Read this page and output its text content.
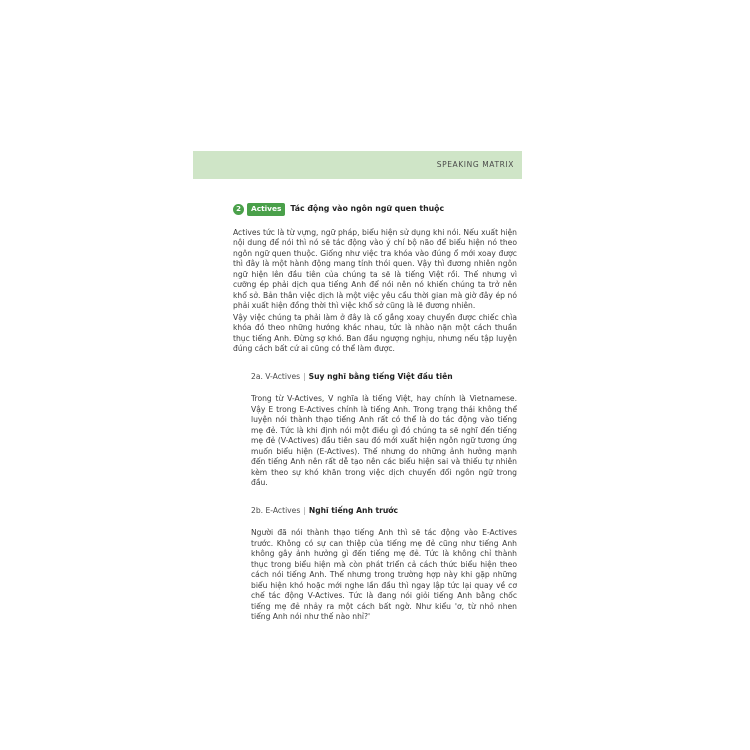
SPEAKING MATRIX
2	Actives	Tác động vào ngôn ngữ quen thuộc

Actives tức là từ vựng, ngữ pháp, biểu hiện sử dụng khi nói. Nếu xuất hiện nội dung để nói thì nó sẽ tác động vào ý chí bộ não để biểu hiện nó theo ngôn ngữ quen thuộc. Giống như việc tra khóa vào đúng ổ mới xoay được thì đây là một hành động mang tính thói quen. Vậy thì đương nhiên ngôn ngữ hiện lên đầu tiên của chúng ta sẽ là tiếng Việt rồi. Thế nhưng vì cưỡng ép phải dịch qua tiếng Anh để nói nên nó khiến chúng ta trở nên khổ sở. Bản thân việc dịch là một việc yêu cầu thời gian mà giờ đây ép nó phải xuất hiện đồng thời thì việc khổ sở cũng là lẽ đương nhiên.

Vậy việc chúng ta phải làm ở đây là cố gắng xoay chuyển được chiếc chìa khóa đó theo những hướng khác nhau, tức là nhào nặn một cách thuần thục tiếng Anh. Đừng sợ khó. Ban đầu ngượng nghịu, nhưng nếu tập luyện đúng cách bất cứ ai cũng có thể làm được.

2a. V-Actives | Suy nghĩ bằng tiếng Việt đầu tiên

Trong từ V-Actives, V nghĩa là tiếng Việt, hay chính là Vietnamese. Vậy E trong E-Actives chính là tiếng Anh. Trong trạng thái không thể luyện nói thành thạo tiếng Anh rất có thể là do tác động vào tiếng mẹ đẻ. Tức là khi định nói một điều gì đó chúng ta sẽ nghĩ đến tiếng mẹ đẻ (V-Actives) đầu tiên sau đó mới xuất hiện ngôn ngữ tương ứng muốn biểu hiện (E-Actives). Thế nhưng do những ảnh hưởng mạnh đến tiếng Anh nên rất dễ tạo nên các biểu hiện sai và thiếu tự nhiên kèm theo sự khó khăn trong việc dịch chuyển đổi ngôn ngữ trong đầu.

2b. E-Actives | Nghĩ tiếng Anh trước

Người đã nói thành thạo tiếng Anh thì sẽ tác động vào E-Actives trước. Không có sự can thiệp của tiếng mẹ đẻ cũng như tiếng Anh không gây ảnh hưởng gì đến tiếng mẹ đẻ. Tức là không chỉ thành thục trong biểu hiện mà còn phát triển cả cách thức biểu hiện theo cách nói tiếng Anh. Thế nhưng trong trường hợp này khi gặp những biểu hiện khó hoặc mới nghe lần đầu thì ngay lập tức lại quay về cơ chế tác động V-Actives. Tức là đang nói giỏi tiếng Anh bằng chốc tiếng mẹ đẻ nhảy ra một cách bất ngờ. Như kiểu 'ơ, từ nhỏ nhen tiếng Anh nói như thế nào nhỉ?'
